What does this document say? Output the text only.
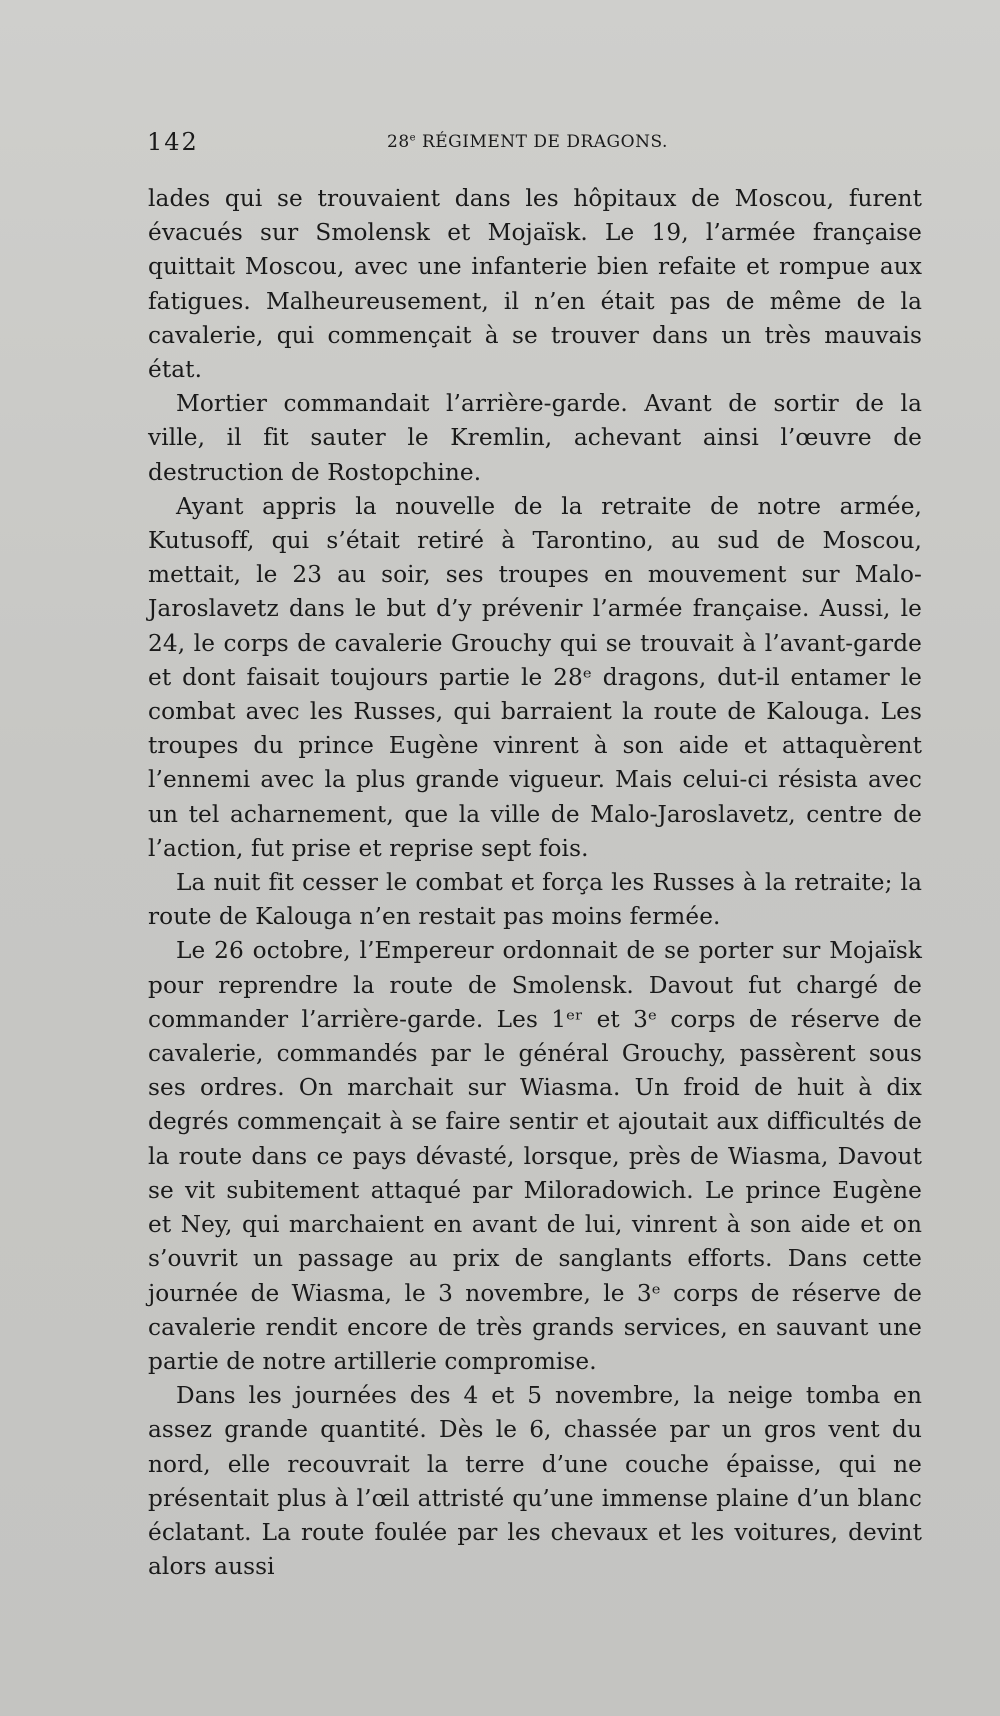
142	28e RÉGIMENT DE DRAGONS.

lades qui se trouvaient dans les hôpitaux de Moscou, furent évacués sur Smolensk et Mojaïsk. Le 19, l’armée française quittait Moscou, avec une infanterie bien refaite et rompue aux fatigues. Malheureusement, il n’en était pas de même de la cavalerie, qui commençait à se trouver dans un très mauvais état.

Mortier commandait l’arrière-garde. Avant de sortir de la ville, il fit sauter le Kremlin, achevant ainsi l’œuvre de destruction de Rostopchine.

Ayant appris la nouvelle de la retraite de notre armée, Kutusoff, qui s’était retiré à Tarontino, au sud de Moscou, mettait, le 23 au soir, ses troupes en mouvement sur Malo-Jaroslavetz dans le but d’y prévenir l’armée française. Aussi, le 24, le corps de cavalerie Grouchy qui se trouvait à l’avant-garde et dont faisait toujours partie le 28ᵉ dragons, dut-il entamer le combat avec les Russes, qui barraient la route de Kalouga. Les troupes du prince Eugène vinrent à son aide et attaquèrent l’ennemi avec la plus grande vigueur. Mais celui-ci résista avec un tel acharnement, que la ville de Malo-Jaroslavetz, centre de l’action, fut prise et reprise sept fois.

La nuit fit cesser le combat et força les Russes à la retraite; la route de Kalouga n’en restait pas moins fermée.

Le 26 octobre, l’Empereur ordonnait de se porter sur Mojaïsk pour reprendre la route de Smolensk. Davout fut chargé de commander l’arrière-garde. Les 1ᵉʳ et 3ᵉ corps de réserve de cavalerie, commandés par le général Grouchy, passèrent sous ses ordres. On marchait sur Wiasma. Un froid de huit à dix degrés commençait à se faire sentir et ajoutait aux difficultés de la route dans ce pays dévasté, lorsque, près de Wiasma, Davout se vit subitement attaqué par Miloradowich. Le prince Eugène et Ney, qui marchaient en avant de lui, vinrent à son aide et on s’ouvrit un passage au prix de sanglants efforts. Dans cette journée de Wiasma, le 3 novembre, le 3ᵉ corps de réserve de cavalerie rendit encore de très grands services, en sauvant une partie de notre artillerie compromise.

Dans les journées des 4 et 5 novembre, la neige tomba en assez grande quantité. Dès le 6, chassée par un gros vent du nord, elle recouvrait la terre d’une couche épaisse, qui ne présentait plus à l’œil attristé qu’une immense plaine d’un blanc éclatant. La route foulée par les chevaux et les voitures, devint alors aussi
